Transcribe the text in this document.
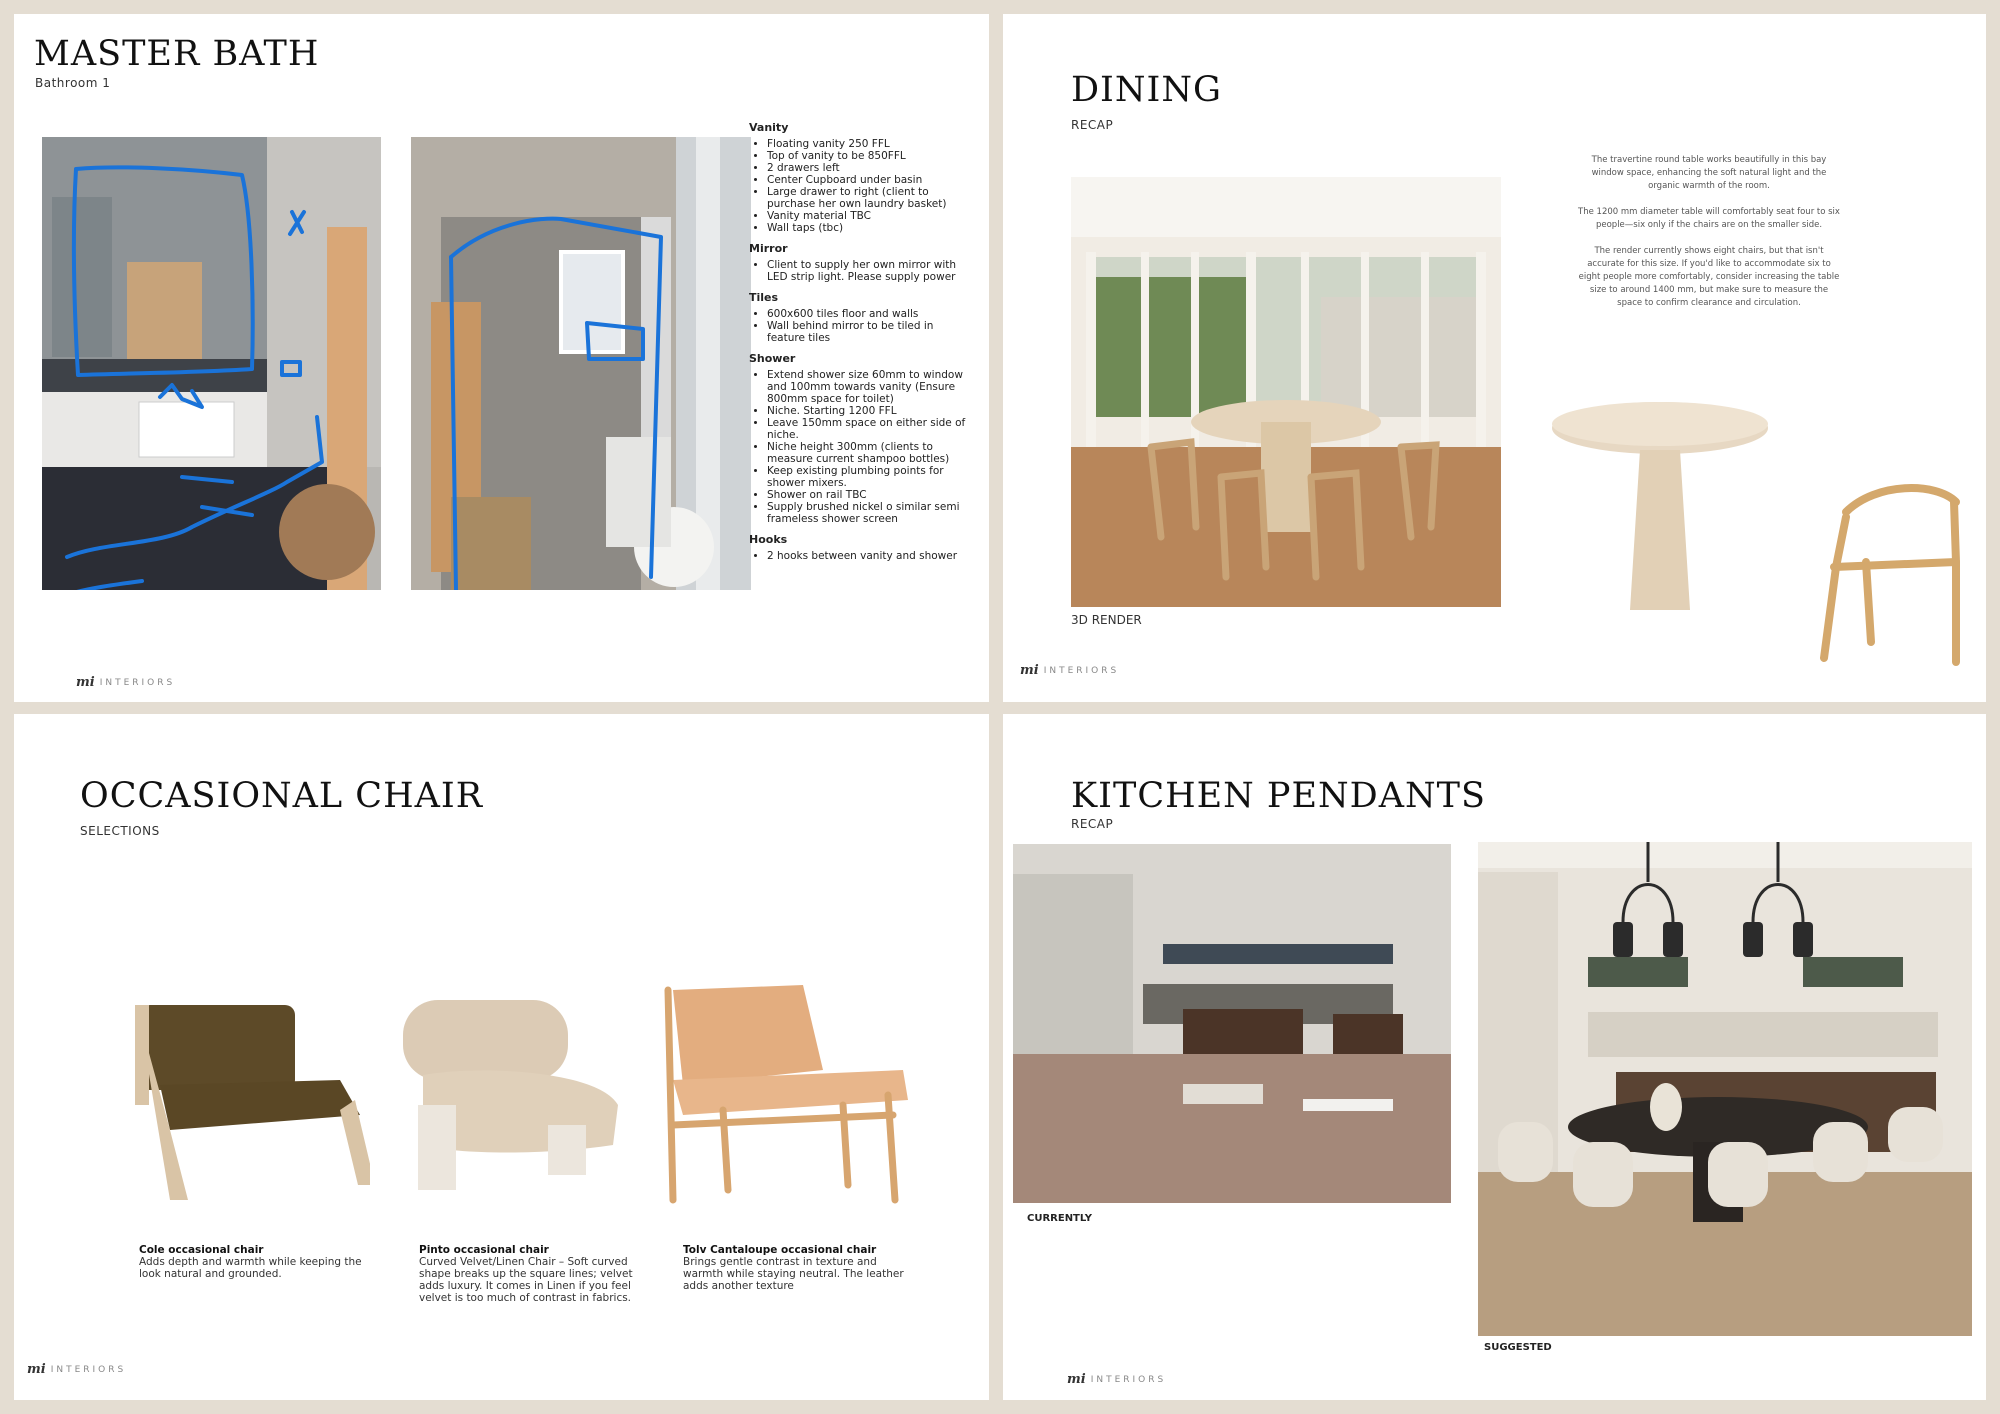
MASTER BATH

Bathroom 1

Vanity
• Floating vanity 250 FFL
• Top of vanity to be 850FFL
• 2 drawers left
• Center Cupboard under basin
• Large drawer to right (client to purchase her own laundry basket)
• Vanity material TBC
• Wall taps (tbc)
Mirror
• Client to supply her own mirror with LED strip light. Please supply power
Tiles
• 600x600 tiles floor and walls
• Wall behind mirror to be tiled in feature tiles
Shower
• Extend shower size 60mm to window and 100mm towards vanity (Ensure 800mm space for toilet)
• Niche. Starting 1200 FFL
• Leave 150mm space on either side of niche.
• Niche height 300mm (clients to measure current shampoo bottles)
• Keep existing plumbing points for shower mixers.
• Shower on rail TBC
• Supply brushed nickel o similar semi frameless shower screen
Hooks
• 2 hooks between vanity and shower
mi INTERIORS
DINING

RECAP

3D RENDER

The travertine round table works beautifully in this bay window space, enhancing the soft natural light and the organic warmth of the room.

The 1200 mm diameter table will comfortably seat four to six people—six only if the chairs are on the smaller side.

The render currently shows eight chairs, but that isn't accurate for this size. If you'd like to accommodate six to eight people more comfortably, consider increasing the table size to around 1400 mm, but make sure to measure the space to confirm clearance and circulation.

mi INTERIORS
OCCASIONAL CHAIR

SELECTIONS

Cole occasional chair
Adds depth and warmth while keeping the look natural and grounded.
Pinto occasional chair
Curved Velvet/Linen Chair – Soft curved shape breaks up the square lines; velvet adds luxury. It comes in Linen if you feel velvet is too much of contrast in fabrics.
Tolv Cantaloupe occasional chair
Brings gentle contrast in texture and warmth while staying neutral. The leather adds another texture
mi INTERIORS
KITCHEN PENDANTS

RECAP

CURRENTLY
SUGGESTED
mi INTERIORS
